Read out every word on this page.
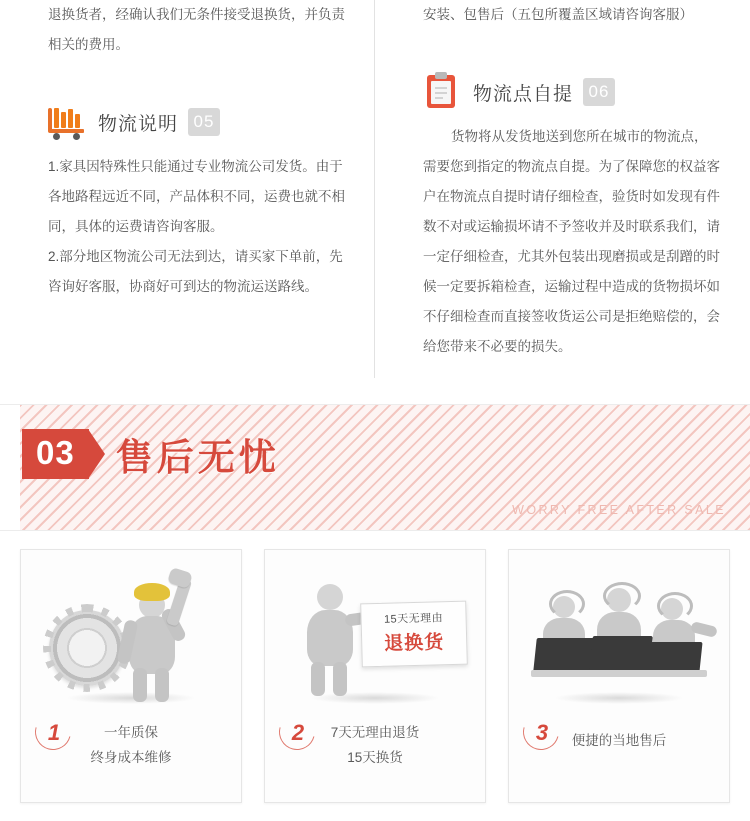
退换货者，经确认我们无条件接受退换货，并负责相关的费用。

物流说明 05

1.家具因特殊性只能通过专业物流公司发货。由于各地路程远近不同，产品体积不同，运费也就不相同，具体的运费请咨询客服。

2.部分地区物流公司无法到达，请买家下单前，先咨询好客服，协商好可到达的物流运送路线。

安装、包售后（五包所覆盖区域请咨询客服）

物流点自提 06

货物将从发货地送到您所在城市的物流点，需要您到指定的物流点自提。为了保障您的权益客户在物流点自提时请仔细检查，验货时如发现有件数不对或运输损坏请不予签收并及时联系我们，请一定仔细检查，尤其外包装出现磨损或是刮蹭的时候一定要拆箱检查，运输过程中造成的货物损坏如不仔细检查而直接签收货运公司是拒绝赔偿的，会给您带来不必要的损失。

03	售后无忧
WORRY FREE AFTER SALE
1	一年质保
终身成本维修
15天无理由
退换货
2	7天无理由退货
15天换货
3	便捷的当地售后
